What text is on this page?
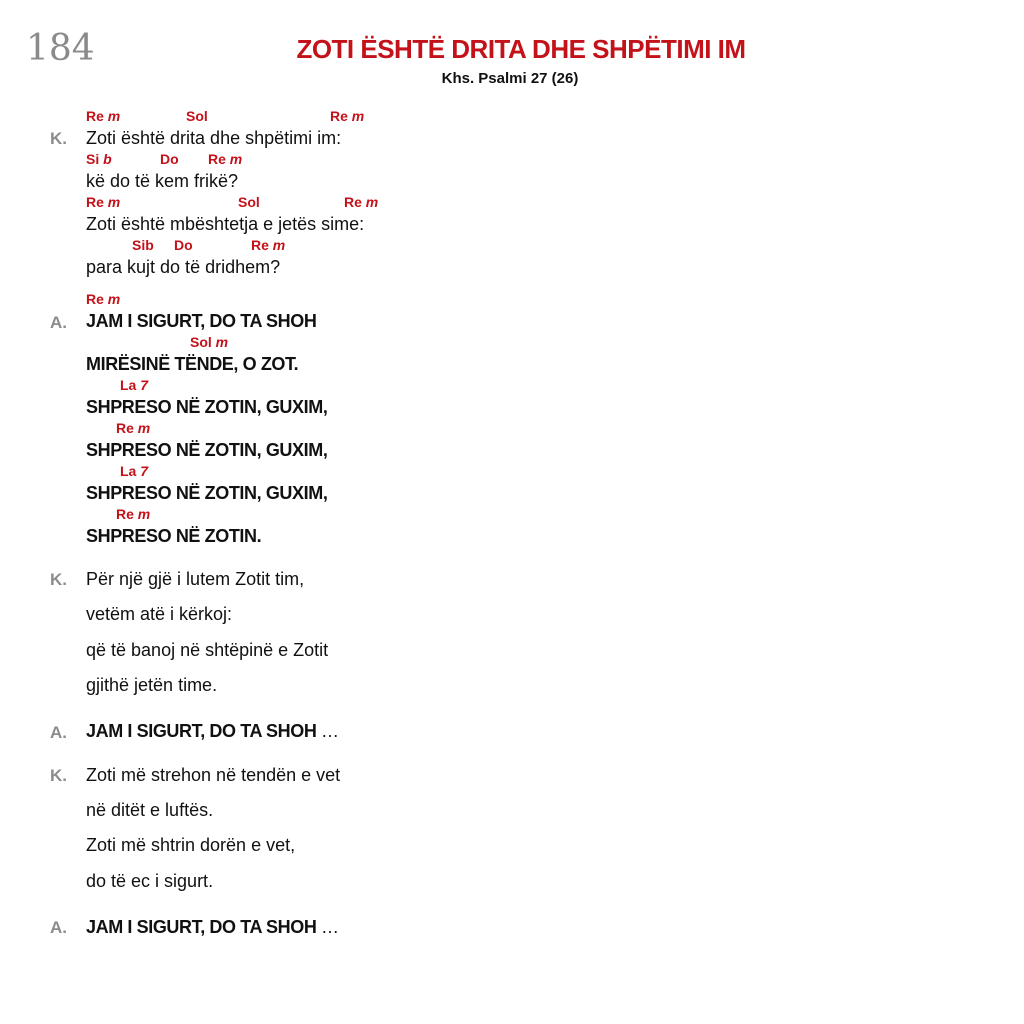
184	ZOTI ËSHTË DRITA DHE SHPËTIMI IM
Khs. Psalmi 27 (26)
Re m	Sol	Re m
K. Zoti është drita dhe shpëtimi im:
Si b	Do Re m
kë do të kem frikë?
Re m	Sol	Re m
Zoti është mbështetja e jetës sime:
Sib Do	Re m
para kujt do të dridhem?
Re m
A. JAM I SIGURT, DO TA SHOH
Sol m
MIRËSINË TËNDE, O ZOT.
La 7
SHPRESO NË ZOTIN, GUXIM,
Re m
SHPRESO NË ZOTIN, GUXIM,
La 7
SHPRESO NË ZOTIN, GUXIM,
Re m
SHPRESO NË ZOTIN.
K. Për një gjë i lutem Zotit tim,
vetëm atë i kërkoj:
që të banoj në shtëpinë e Zotit
gjithë jetën time.
A. JAM I SIGURT, DO TA SHOH …
K. Zoti më strehon në tendën e vet
në ditët e luftës.
Zoti më shtrin dorën e vet,
do të ec i sigurt.
A. JAM I SIGURT, DO TA SHOH …
